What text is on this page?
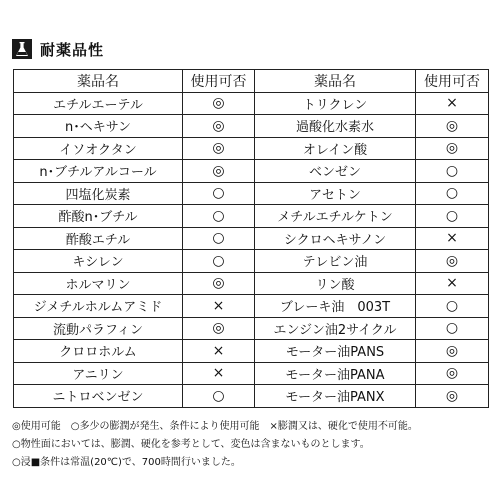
耐薬品性
薬品名	使用可否	薬品名	使用可否
エチルエーテル	◎	トリクレン	×
n･ヘキサン	◎	過酸化水素水	◎
イソオクタン	◎	オレイン酸	◎
n･ブチルアルコール	◎	ベンゼン	○
四塩化炭素	○	アセトン	○
酢酸n･ブチル	○	メチルエチルケトン	○
酢酸エチル	○	シクロヘキサノン	×
キシレン	○	テレビン油	◎
ホルマリン	◎	リン酸	×
ジメチルホルムアミド	×	ブレーキ油　003T	○
流動パラフィン	◎	エンジン油2サイクル	○
クロロホルム	×	モーター油PANS	◎
アニリン	×	モーター油PANA	◎
ニトロベンゼン	○	モーター油PANX	◎
◎使用可能　○多少の膨潤が発生、条件により使用可能　×膨潤又は、硬化で使用不可能。
○物性面においては、膨潤、硬化を参考として、変色は含まないものとします。
○浸■条件は常温(20℃)で、700時間行いました。
